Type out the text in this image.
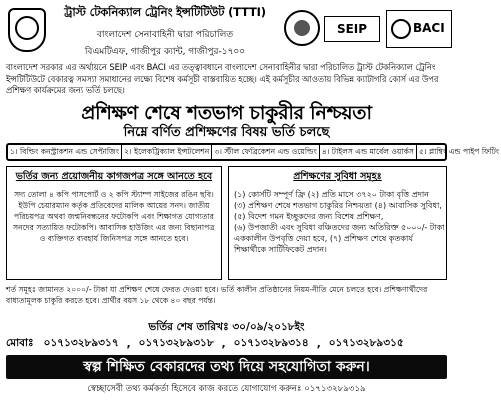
ট্রাস্ট টেকনিক্যাল ট্রেনিং ইন্সটিটিউট (TTTI)
বাংলাদেশ সেনাবাহিনী দ্বারা পরিচালিত
বিএমটিএফ, গাজীপুর ক্যান্ট, গাজীপুর-১৭০০
SEIP	BACI
বাংলাদেশ সরকার এর অর্থায়নে SEIP এবং BACI এর তত্ত্বাবধানে বাংলাদেশ সেনাবাহিনীর দ্বারা পরিচালিত ট্রাস্ট টেকনিক্যাল ট্রেনিং ইন্সটিটিউটে বেকারত্ব সমস্যা সমাধানের লক্ষ্যে বিশেষ কর্মসূচী বাস্তবায়িত হচ্ছে। এই কর্মসূচীর আওতায় বিভিন্ন ক্যাটাগরি কোর্স এর উপর প্রশিক্ষণ কার্যক্রমের জন্য ভর্তি চলছে।
প্রশিক্ষণ শেষে শতভাগ চাকুরীর নিশ্চয়তা
নিম্নে বর্ণিত প্রশিক্ষণের বিষয় ভর্তি চলছে
১। বিল্ডিং কনস্ট্রাকশন এন্ড সেপ্টাজিং ২। ইলেকট্রিক্যাল ইন্সটলেশন ৩। স্টীল ফেব্রিকেশন এন্ড ওয়েল্ডিং ৪। টাইলস এন্ড মার্বেল ওয়ার্কস ৫। প্লাম্বিং এন্ড পাইপ ফিটিং
ভর্তির জন্য প্রয়োজনীয় কাগজপত্র সঙ্গে আনতে হবে
সদ্য তোলা ৪ কপি পাসপোর্ট ও ২ কপি স্ট্যাম্প সাইজের রঙিন ছবি। ইউপি চেয়ারম্যান কর্তৃক প্রতিবেদের মালিক আয়ের সনদ। জাতীয় পরিচয়পত্র অথবা জন্মনিবন্ধনের ফটোকপি এবং শিক্ষাগত যোগ্যতার সনদের সত্যায়িত ফটোকপি। আবাসিক হাউজিং এর জন্য বিছানাপত্র ও ব্যক্তিগত ব্যবহার্য জিনিসপত্র সঙ্গে আনতে হবে।
প্রশিক্ষণের সুবিধা সমূহঃ
(১) কোর্সটি সম্পূর্ণ ফ্রি (২) প্রতি মাসে ৩৭২০ টাকা বৃত্তি প্রদান
(৩) প্রশিক্ষণ শেষে শতভাগ চাকুরির নিশ্চয়তা (৪) আবাসিক সুবিধা,
(৫) বিদেশ গমন ইচ্ছুকদের জন্য বিশেষ প্রশিক্ষণ,
(৬) উপজাতী এবং সুবিধা বঞ্চিতদের জন্য অতিরিক্ত ৫০০০/- টাকা
এককালীন উপবৃত্তি দেয়া হবে, (৭) প্রশিক্ষণ শেষে কৃতকার্য
শিক্ষার্থীকে সার্টিফিকেট প্রদান।
শর্ত সমূহঃ জামানত ২০০০/- টাকা যা প্রশিক্ষণ শেষে ফেরত দেওয়া হবে। ভর্তি কালীন প্রতিষ্ঠানের নিয়ম-নীতি মেনে চলতে হবে। প্রশিক্ষণার্থীদের বাধ্যতামূলক চাকুরি করতে হবে। প্রার্থীর বয়স ১৮ থেকে ৪০ বছর পর্যন্ত।
ভর্তির শেষ তারিখঃ ৩০/০৯/২০১৮ইং
মোবাঃ ০১৭১৩২৮৯৩১৭ , ০১৭১৩২৮৯৩১৮ , ০১৭১৩২৮৯৩১৪ , ০১৭১৩২৮৯৩১৫
স্বল্প শিক্ষিত বেকারদের তথ্য দিয়ে সহযোগিতা করুন।
স্বেচ্ছাসেবী তথ্য কর্মকর্তা হিসেবে কাজ করতে যোগাযোগ করুনঃ ০১৭১৩২৮৯৩১৯
